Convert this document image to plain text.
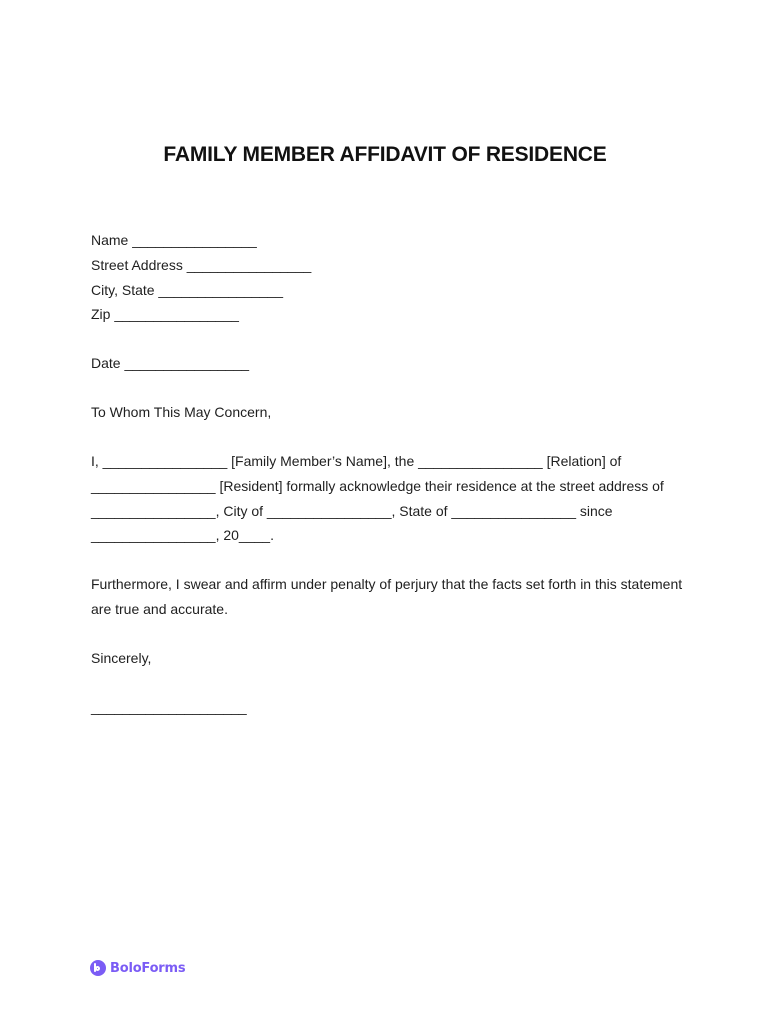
FAMILY MEMBER AFFIDAVIT OF RESIDENCE
Name ________________
Street Address ________________
City, State ________________
Zip ________________
Date ________________
To Whom This May Concern,
I, ________________ [Family Member’s Name], the ________________ [Relation] of
________________ [Resident] formally acknowledge their residence at the street address of
________________, City of ________________, State of ________________ since
________________, 20____.
Furthermore, I swear and affirm under penalty of perjury that the facts set forth in this statement
are true and accurate.
Sincerely,
____________________
BoloForms
